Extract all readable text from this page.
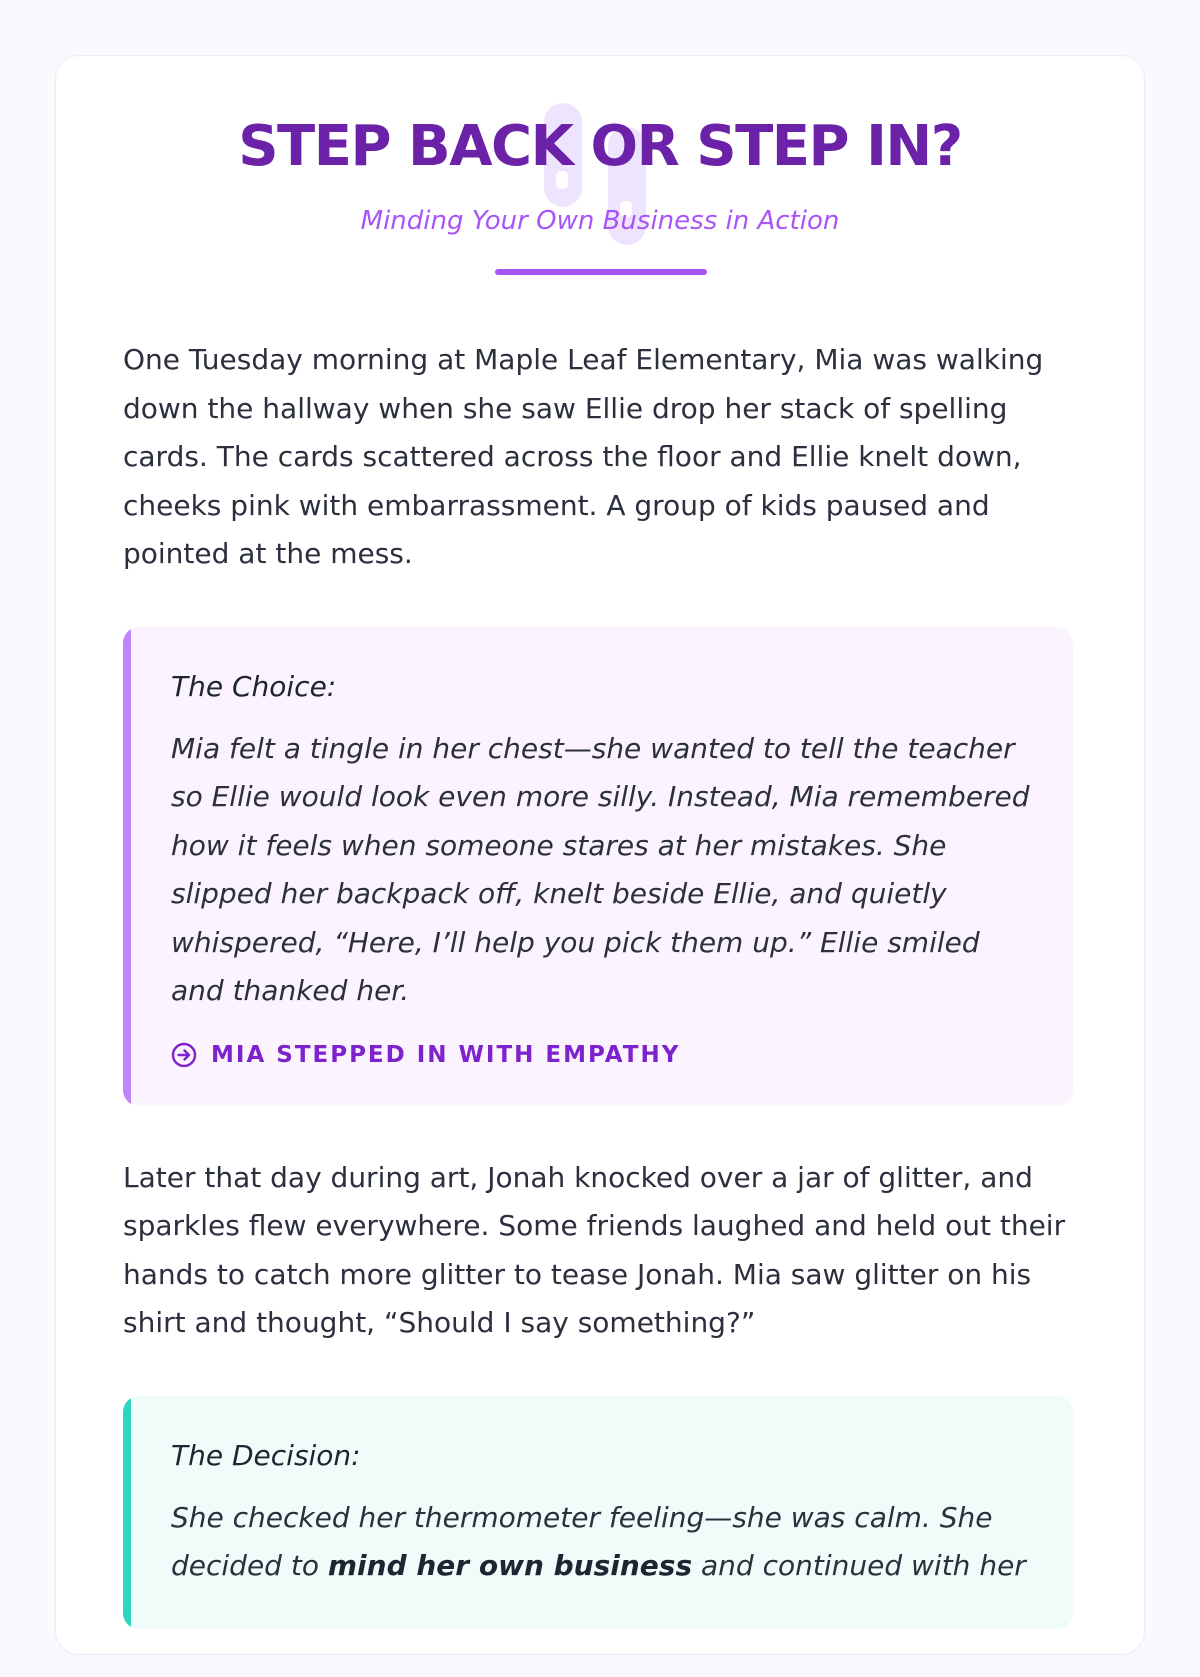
STEP BACK OR STEP IN?

Minding Your Own Business in Action

One Tuesday morning at Maple Leaf Elementary, Mia was walking down the hallway when she saw Ellie drop her stack of spelling cards. The cards scattered across the floor and Ellie knelt down, cheeks pink with embarrassment. A group of kids paused and pointed at the mess.

The Choice:

Mia felt a tingle in her chest—she wanted to tell the teacher so Ellie would look even more silly. Instead, Mia remembered how it feels when someone stares at her mistakes. She slipped her backpack off, knelt beside Ellie, and quietly whispered, “Here, I’ll help you pick them up.” Ellie smiled and thanked her.

MIA STEPPED IN WITH EMPATHY

Later that day during art, Jonah knocked over a jar of glitter, and sparkles flew everywhere. Some friends laughed and held out their hands to catch more glitter to tease Jonah. Mia saw glitter on his shirt and thought, “Should I say something?”

The Decision:

She checked her thermometer feeling—she was calm. She decided to mind her own business and continued with her
